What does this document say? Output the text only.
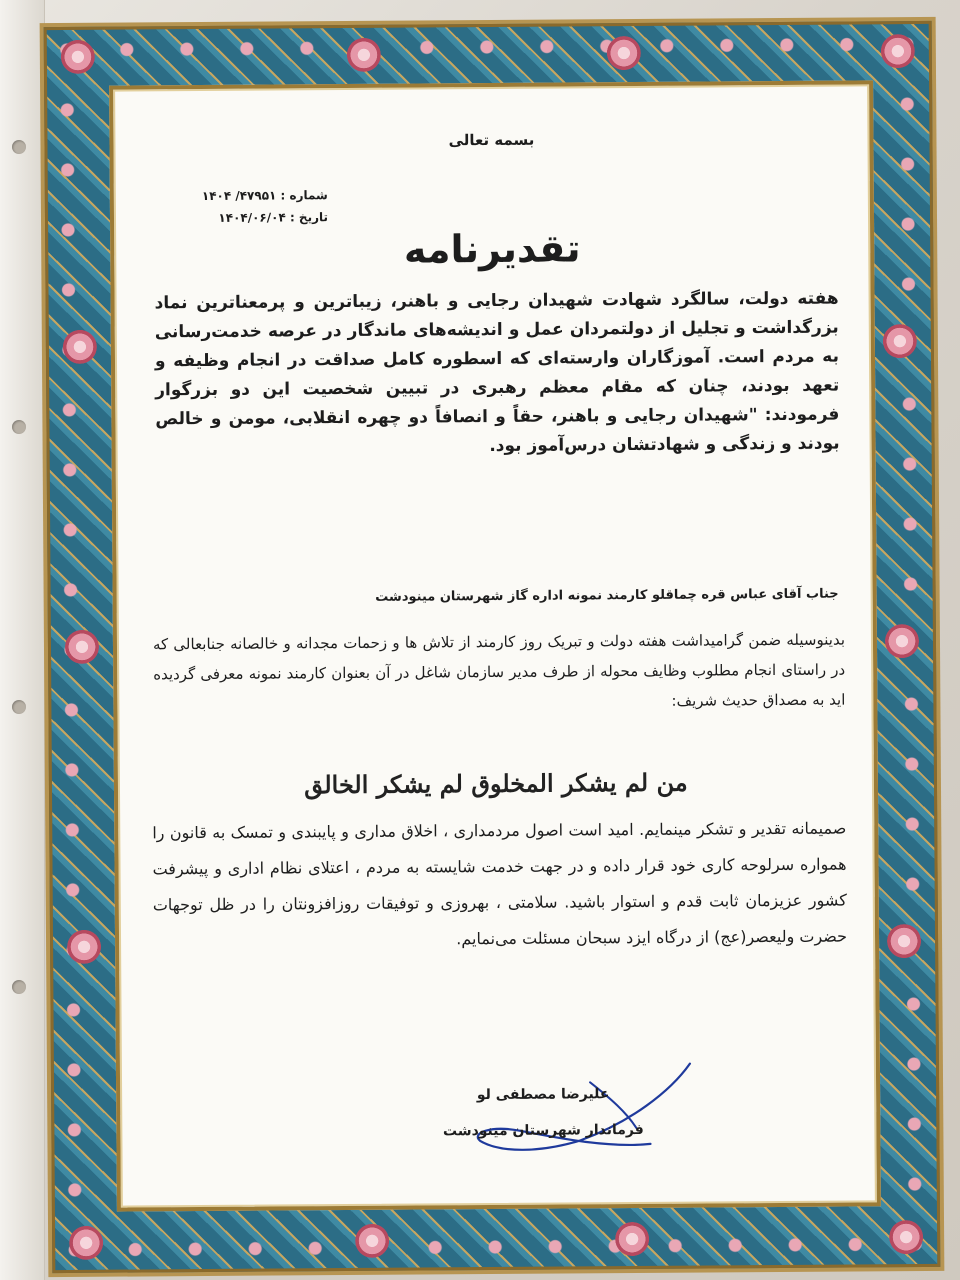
بسمه تعالی
شماره : ۴۷۹۵۱/ ۱۴۰۴
تاریخ : ۱۴۰۴/۰۶/۰۴
تقدیرنامه
هفته دولت، سالگرد شهادت شهیدان رجایی و باهنر، زیباترین و پرمعناترین نماد بزرگداشت و تجلیل از دولتمردان عمل و اندیشه‌های ماندگار در عرصه خدمت‌رسانی به مردم است. آموزگاران وارسته‌ای که اسطوره کامل صداقت در انجام وظیفه و تعهد بودند، چنان که مقام معظم رهبری در تبیین شخصیت این دو بزرگوار فرمودند: "شهیدان رجایی و باهنر، حقاً و انصافاً دو چهره انقلابی، مومن و خالص بودند و زندگی و شهادتشان درس‌آموز بود.
جناب آقای عباس قره چماقلو کارمند نمونه اداره گاز شهرستان مینودشت
بدینوسیله ضمن گرامیداشت هفته دولت و تبریک روز کارمند از تلاش ها و زحمات مجدانه و خالصانه جنابعالی که در راستای انجام مطلوب وظایف محوله از طرف مدیر سازمان شاغل در آن بعنوان کارمند نمونه معرفی گردیده اید به مصداق حدیث شریف:
من لم یشکر المخلوق لم یشکر الخالق
صمیمانه تقدیر و تشکر مینمایم. امید است اصول مردمداری ، اخلاق مداری و پایبندی و تمسک به قانون را همواره سرلوحه کاری خود قرار داده و در جهت خدمت شایسته به مردم ، اعتلای نظام اداری و پیشرفت کشور عزیزمان ثابت قدم و استوار باشید. سلامتی ، بهروزی و توفیقات روزافزونتان را در ظل توجهات حضرت ولیعصر(عج) از درگاه ایزد سبحان مسئلت می‌نمایم.
علیرضا مصطفی لو
فرماندار شهرستان مینودشت
